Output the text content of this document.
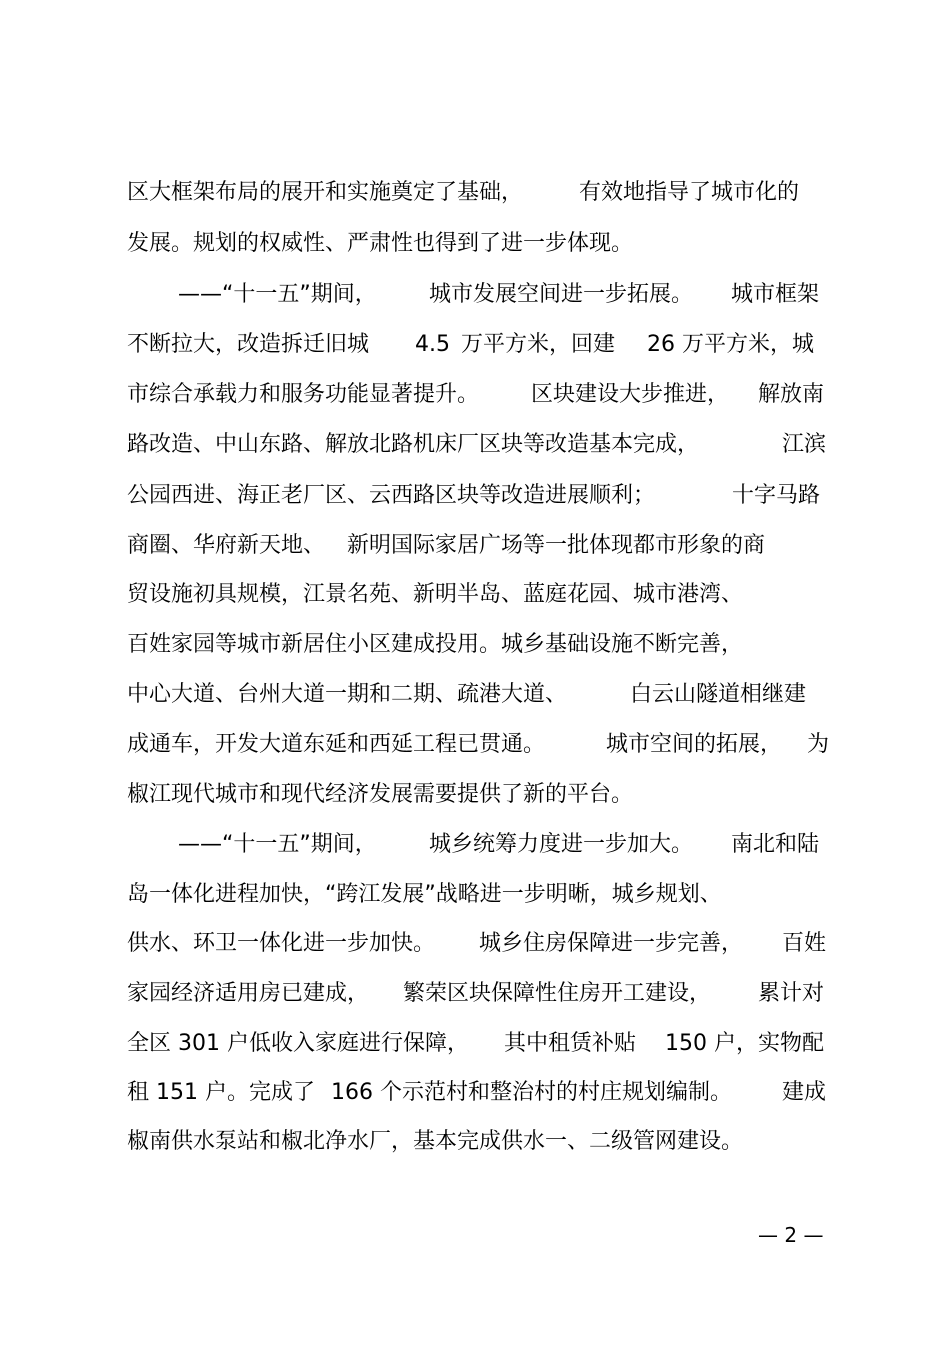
区大框架布局的展开和实施奠定了基础，	有效地指导了城市化的
发展。规划的权威性、严肃性也得到了进一步体现。
——“十一五”期间， 城市发展空间进一步拓展。 城市框架
不断拉大，改造拆迁旧城 4.5 万平方米，回建 26 万平方米，城
市综合承载力和服务功能显著提升。 区块建设大步推进， 解放南
路改造、中山东路、解放北路机床厂区块等改造基本完成，	江滨
公园西进、海正老厂区、云西路区块等改造进展顺利；	十字马路
商圈、华府新天地、 新明国际家居广场等一批体现都市形象的商
贸设施初具规模，江景名苑、新明半岛、蓝庭花园、城市港湾、
百姓家园等城市新居住小区建成投用。城乡基础设施不断完善，
中心大道、台州大道一期和二期、疏港大道、	白云山隧道相继建
成通车，开发大道东延和西延工程已贯通。	城市空间的拓展， 为
椒江现代城市和现代经济发展需要提供了新的平台。
——“十一五”期间， 城乡统筹力度进一步加大。 南北和陆
岛一体化进程加快，“跨江发展”战略进一步明晰，城乡规划、
供水、环卫一体化进一步加快。 城乡住房保障进一步完善， 百姓
家园经济适用房已建成， 繁荣区块保障性住房开工建设， 累计对
全区 301 户低收入家庭进行保障， 其中租赁补贴 150 户，实物配
租 151 户。完成了 166 个示范村和整治村的村庄规划编制。 建成
椒南供水泵站和椒北净水厂，基本完成供水一、二级管网建设。
— 2 —
